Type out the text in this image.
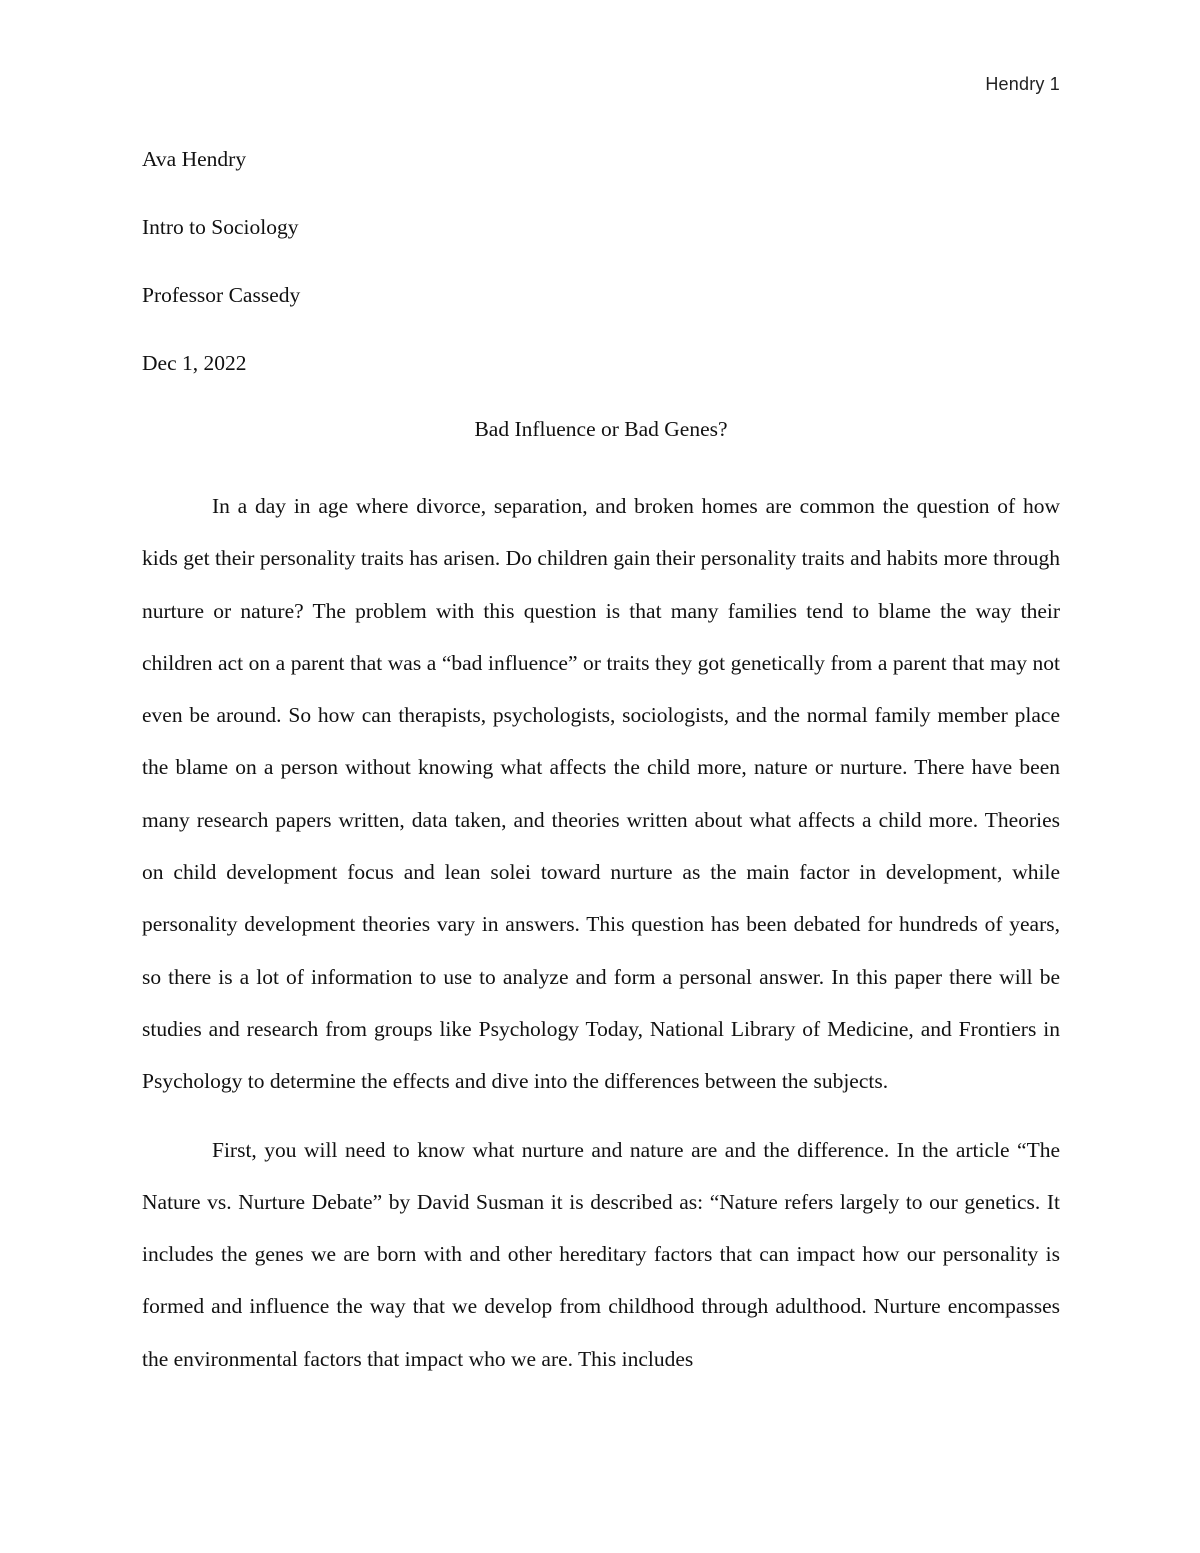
Hendry 1
Ava Hendry
Intro to Sociology
Professor Cassedy
Dec 1, 2022
Bad Influence or Bad Genes?

In a day in age where divorce, separation, and broken homes are common the question of how kids get their personality traits has arisen. Do children gain their personality traits and habits more through nurture or nature? The problem with this question is that many families tend to blame the way their children act on a parent that was a “bad influence” or traits they got genetically from a parent that may not even be around. So how can therapists, psychologists, sociologists, and the normal family member place the blame on a person without knowing what affects the child more, nature or nurture. There have been many research papers written, data taken, and theories written about what affects a child more. Theories on child development focus and lean solei toward nurture as the main factor in development, while personality development theories vary in answers. This question has been debated for hundreds of years, so there is a lot of information to use to analyze and form a personal answer. In this paper there will be studies and research from groups like Psychology Today, National Library of Medicine, and Frontiers in Psychology to determine the effects and dive into the differences between the subjects.

First, you will need to know what nurture and nature are and the difference. In the article “The Nature vs. Nurture Debate” by David Susman it is described as: “Nature refers largely to our genetics. It includes the genes we are born with and other hereditary factors that can impact how our personality is formed and influence the way that we develop from childhood through adulthood. Nurture encompasses the environmental factors that impact who we are. This includes
